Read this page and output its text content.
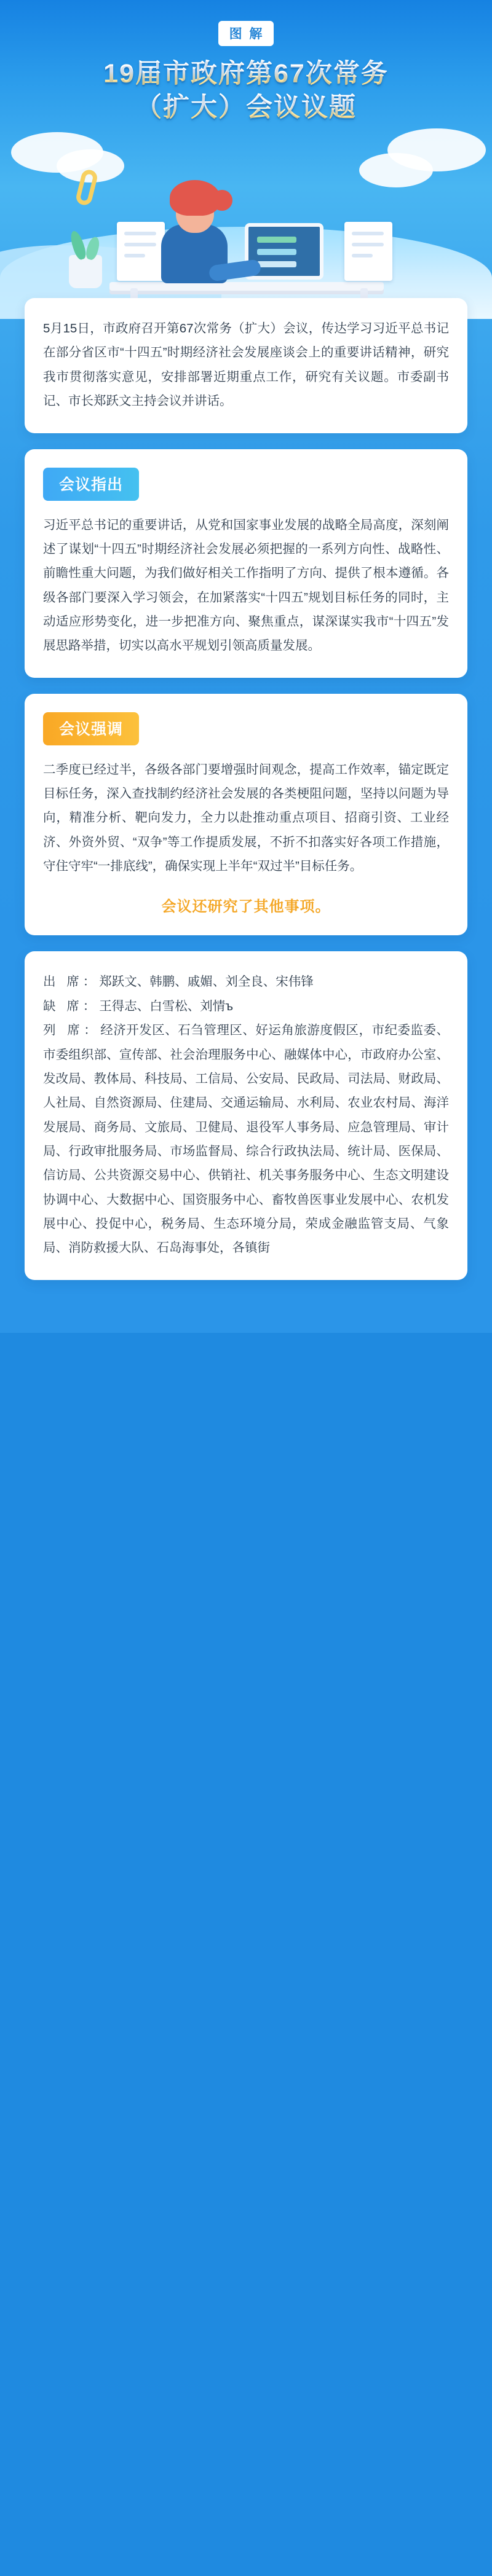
图 解
19届市政府第67次常务
（扩大）会议议题
5月15日，市政府召开第67次常务（扩大）会议，传达学习习近平总书记在部分省区市“十四五”时期经济社会发展座谈会上的重要讲话精神，研究我市贯彻落实意见，安排部署近期重点工作，研究有关议题。市委副书记、市长郑跃文主持会议并讲话。
会议指出
习近平总书记的重要讲话，从党和国家事业发展的战略全局高度，深刻阐述了谋划“十四五”时期经济社会发展必须把握的一系列方向性、战略性、前瞻性重大问题，为我们做好相关工作指明了方向、提供了根本遵循。各级各部门要深入学习领会，在加紧落实“十四五”规划目标任务的同时，主动适应形势变化，进一步把准方向、聚焦重点，谋深谋实我市“十四五”发展思路举措，切实以高水平规划引领高质量发展。
会议强调
二季度已经过半，各级各部门要增强时间观念，提高工作效率，锚定既定目标任务，深入查找制约经济社会发展的各类梗阻问题，坚持以问题为导向，精准分析、靶向发力，全力以赴推动重点项目、招商引资、工业经济、外资外贸、“双争”等工作提质发展，不折不扣落实好各项工作措施，守住守牢“一排底线”，确保实现上半年“双过半”目标任务。
会议还研究了其他事项。
出 席：郑跃文、韩鹏、戚媚、刘全良、宋伟锋
缺 席：王得志、白雪松、刘情ъ
列 席：经济开发区、石刍管理区、好运角旅游度假区，市纪委监委、市委组织部、宣传部、社会治理服务中心、融媒体中心，市政府办公室、发改局、教体局、科技局、工信局、公安局、民政局、司法局、财政局、人社局、自然资源局、住建局、交通运输局、水利局、农业农村局、海洋发展局、商务局、文旅局、卫健局、退役军人事务局、应急管理局、审计局、行政审批服务局、市场监督局、综合行政执法局、统计局、医保局、信访局、公共资源交易中心、供销社、机关事务服务中心、生态文明建设协调中心、大数据中心、国资服务中心、畜牧兽医事业发展中心、农机发展中心、投促中心，税务局、生态环境分局，荣成金融监管支局、气象局、消防救援大队、石岛海事处，各镇街
